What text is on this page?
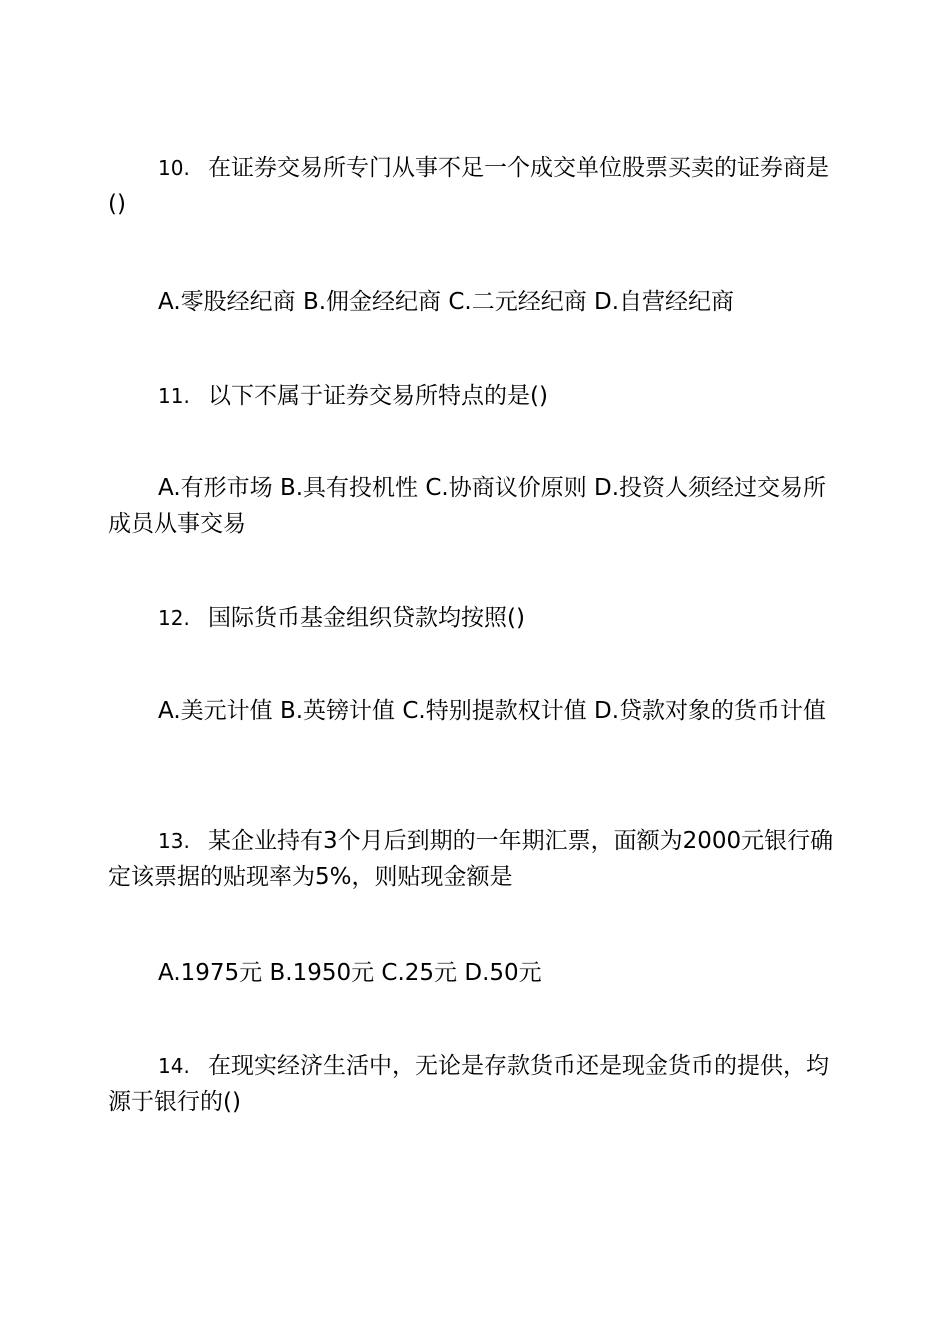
10. 在证券交易所专门从事不足一个成交单位股票买卖的证券商是()

A.零股经纪商 B.佣金经纪商 C.二元经纪商 D.自营经纪商

11. 以下不属于证券交易所特点的是()

A.有形市场 B.具有投机性 C.协商议价原则 D.投资人须经过交易所成员从事交易

12. 国际货币基金组织贷款均按照()

A.美元计值 B.英镑计值 C.特别提款权计值 D.贷款对象的货币计值

13. 某企业持有3个月后到期的一年期汇票，面额为2000元银行确定该票据的贴现率为5%，则贴现金额是

A.1975元 B.1950元 C.25元 D.50元

14. 在现实经济生活中，无论是存款货币还是现金货币的提供，均源于银行的()
